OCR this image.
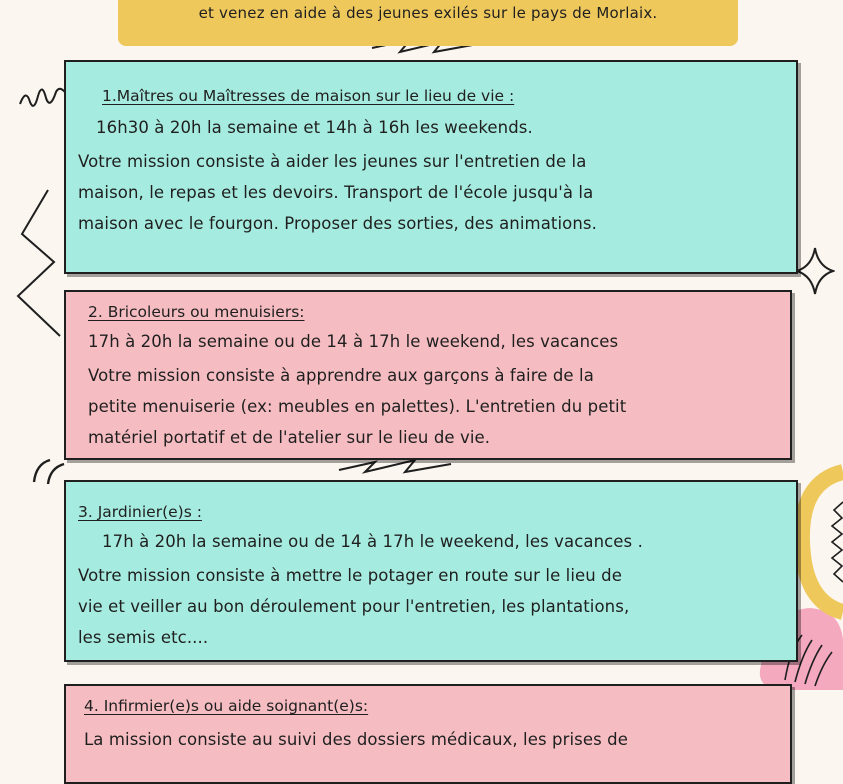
et venez en aide à des jeunes exilés sur le pays de Morlaix.
1.Maîtres ou Maîtresses de maison sur le lieu de vie :
16h30 à 20h la semaine et 14h à 16h les weekends.
Votre mission consiste à aider les jeunes sur l'entretien de la
maison, le repas et les devoirs. Transport de l'école jusqu'à la
maison avec le fourgon. Proposer des sorties, des animations.
2. Bricoleurs ou menuisiers:
17h à 20h la semaine ou de 14 à 17h le weekend, les vacances
Votre mission consiste à apprendre aux garçons à faire de la
petite menuiserie (ex: meubles en palettes). L'entretien du petit
matériel portatif et de l'atelier sur le lieu de vie.
3. Jardinier(e)s :
17h à 20h la semaine ou de 14 à 17h le weekend, les vacances .
Votre mission consiste à mettre le potager en route sur le lieu de
vie et veiller au bon déroulement pour l'entretien, les plantations,
les semis etc....
4. Infirmier(e)s ou aide soignant(e)s:
La mission consiste au suivi des dossiers médicaux, les prises de
